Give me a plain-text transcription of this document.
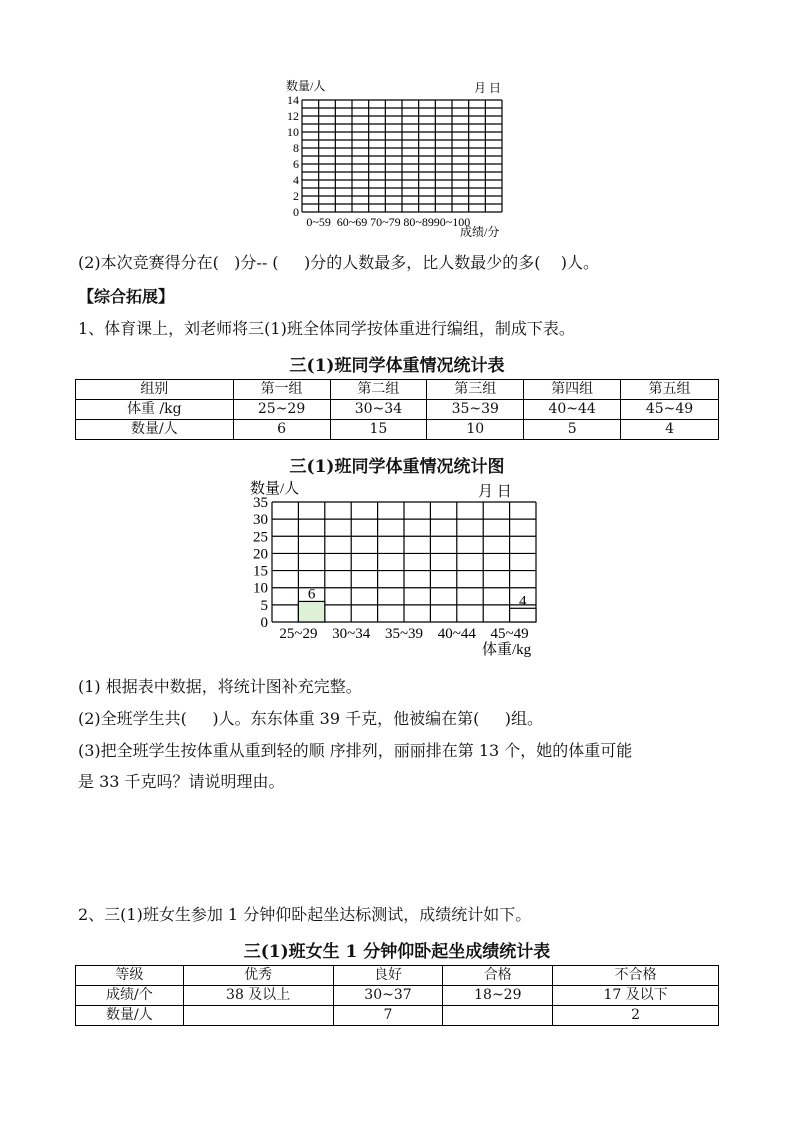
数量/人	月 日
0
2
4
6
8
10
12
14
0~59 60~69 70~79 80~89 90~100
成绩/分
(2)本次竞赛得分在(   )分-- (     )分的人数最多，比人数最少的多(    )人。
【综合拓展】
1、体育课上，刘老师将三(1)班全体同学按体重进行编组，制成下表。
三(1)班同学体重情况统计表
组别	第一组	第二组	第三组	第四组	第五组
体重 /kg	25~29	30~34	35~39	40~44	45~49
数量/人	6	15	10	5	4
三(1)班同学体重情况统计图
6	4
数量/人	月 日
0
5
10
15
20
25
30
35
25~29 30~34 35~39 40~44 45~49
体重/kg
(1) 根据表中数据，将统计图补充完整。
(2)全班学生共(     )人。东东体重 39 千克，他被编在第(     )组。
(3)把全班学生按体重从重到轻的顺 序排列，丽丽排在第 13 个，她的体重可能
是 33 千克吗？请说明理由。
2、三(1)班女生参加 1 分钟仰卧起坐达标测试，成绩统计如下。
三(1)班女生 1 分钟仰卧起坐成绩统计表
等级	优秀	良好	合格	不合格
成绩/个	38 及以上	30~37	18~29	17 及以下
数量/人		7		2
